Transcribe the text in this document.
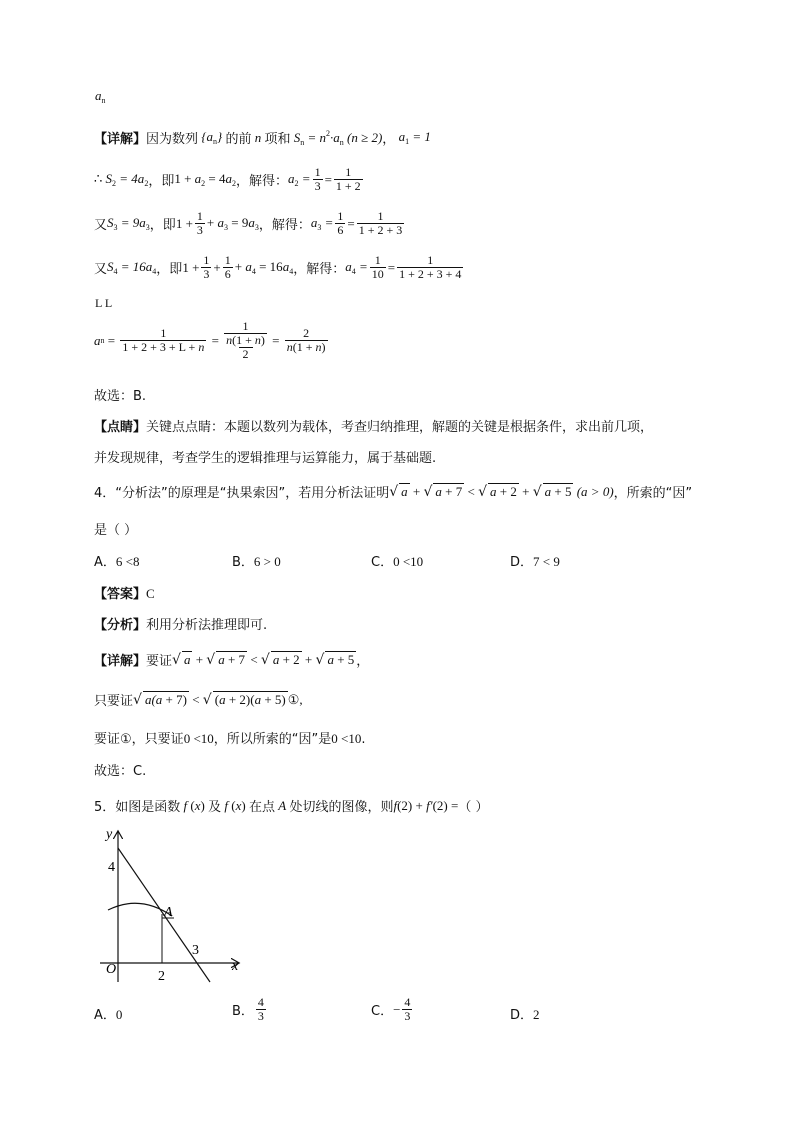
$a_n$
【详解】 因为数列 $\{a_n\}$ 的前 n 项和 $S_n = n^2\cdot a_n$ (n ≥ 2) ， $a_1 = 1$
∴ $S_2 = 4a_2$ ，即 $1 + a_2 = 4a_2$ ，解得： $a_2 = \frac{1}{3} = \frac{1}{1 + 2}$
又 $S_3 = 9a_3$ ，即 $1 + \frac{1}{3} + a_3 = 9a_3$ ，解得： $a_3 = \frac{1}{6} = \frac{1}{1 + 2 + 3}$
又 $S_4 = 16a_4$ ，即 $1 + \frac{1}{3} + \frac{1}{6} + a_4 = 16a_4$ ，解得： $a_4 = \frac{1}{10} = \frac{1}{1 + 2 + 3 + 4}$
L L
a $n = \frac{1}{1 + 2 + 3 + L + n} = 1$
n(1 + n)
$2 = \frac{2}{n(1 + n)}$
故选：B.
【点睛】关键点点睛：本题以数列为载体，考查归纳推理，解题的关键是根据条件，求出前几项，
并发现规律，考查学生的逻辑推理与运算能力，属于基础题.
4．“分析法”的原理是“执果索因”，若用分析法证明 √ a + √ a + 7 < √ a + 2 + √ a + 5 (a > 0) ，所索的“因”
是（ ）
A．6 <8	B．6 > 0	C．0 <10	D．7 < 9
【答案】C
【分析】利用分析法推理即可.
【详解】 要证 √ a + √ a + 7 < √ a + 2 + √ a + 5 ，
只要证 √ a(a + 7) < √ (a + 2)(a + 5) ① ,
要证①，只要证0 <10，所以所索的“因”是0 <10.
故选：C.
5．如图是函数 f (x) 及 f (x) 在点 A 处切线的图像，则 f(2) + f′(2) = （ ）
y
x
O
4
2
3
A
A．0	B． $\frac{4}{3}$	C． − $\frac{4}{3}$	D．2
